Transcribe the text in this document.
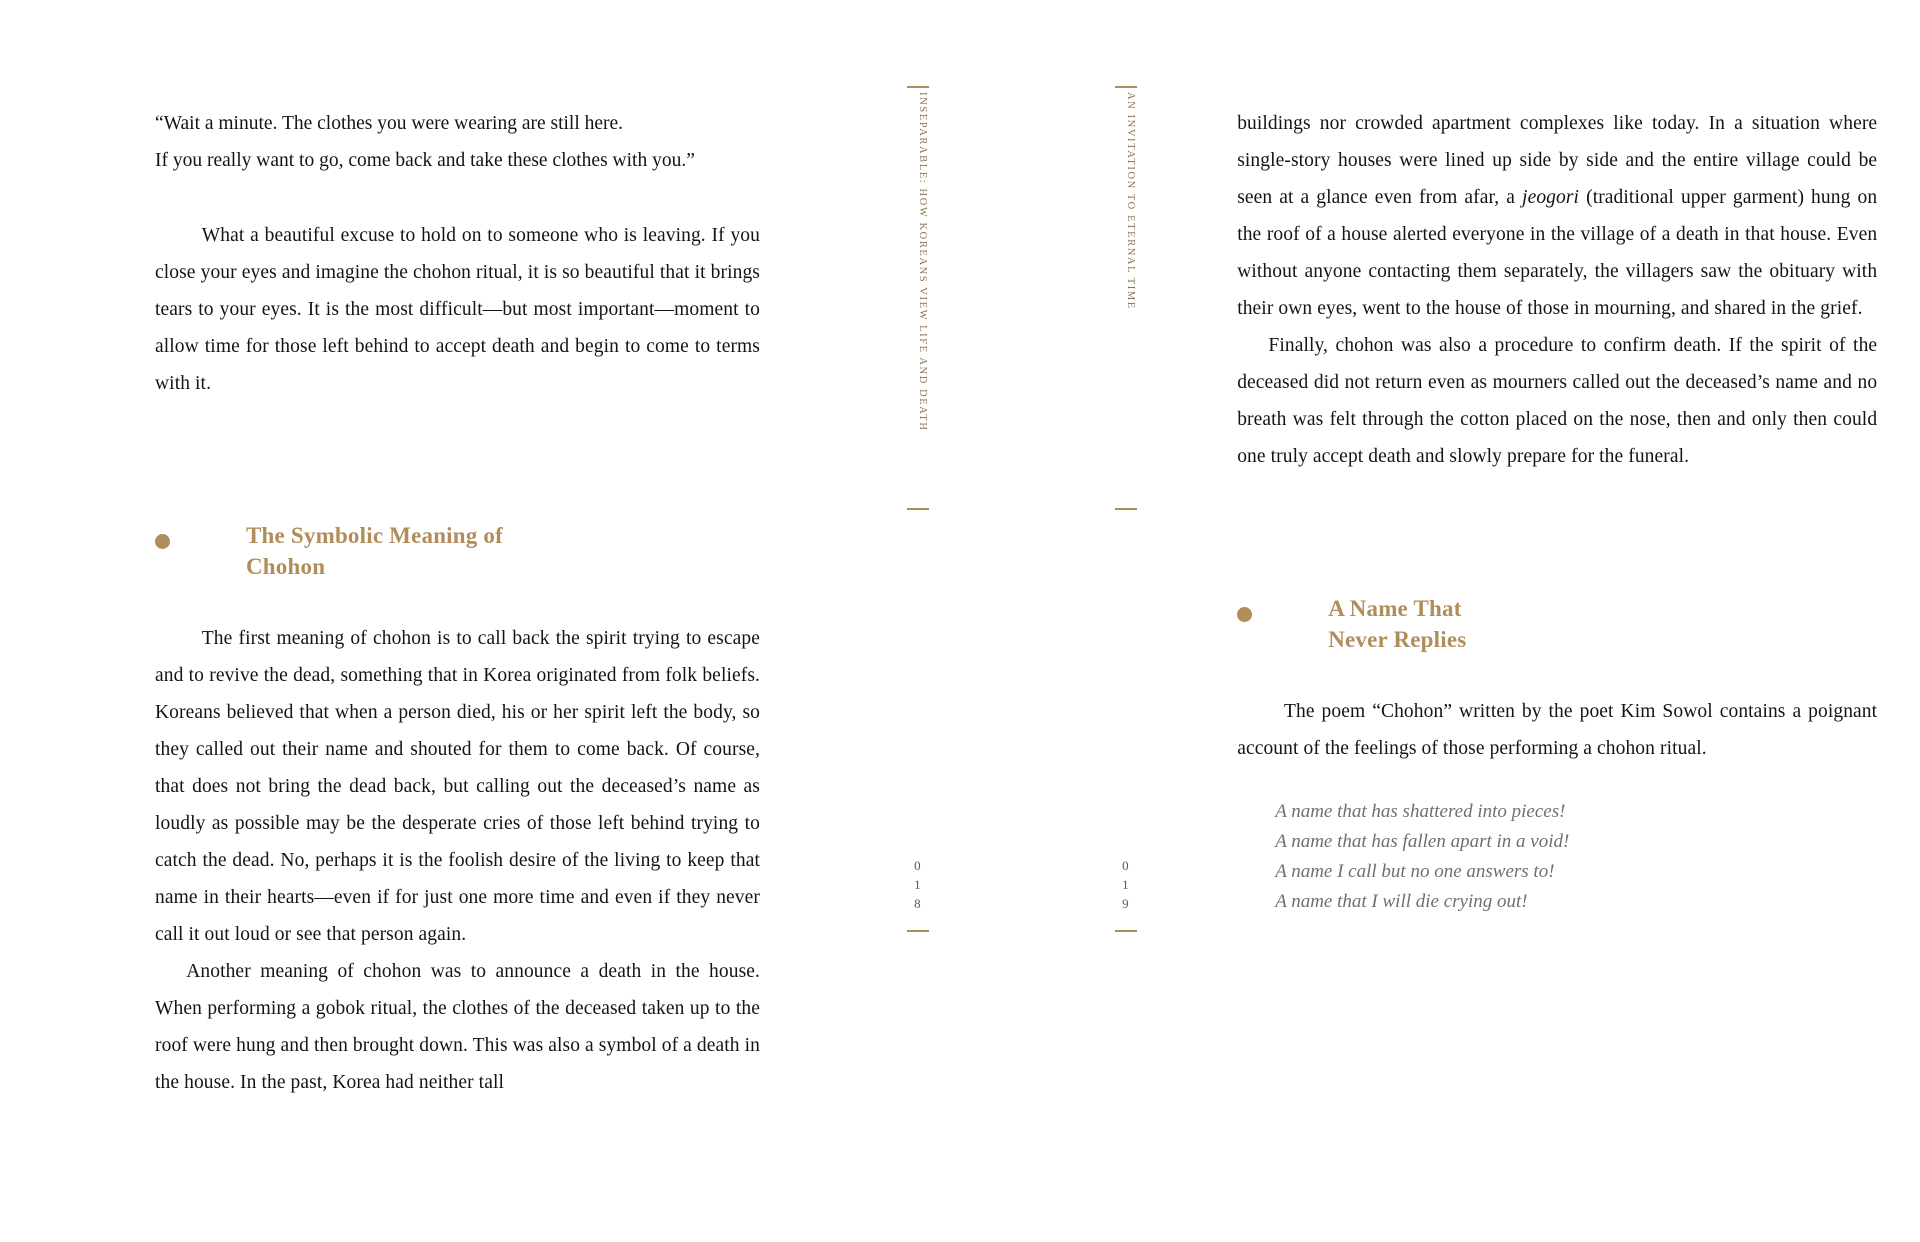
“Wait a minute. The clothes you were wearing are still here.

If you really want to go, come back and take these clothes with you.”

What a beautiful excuse to hold on to someone who is leaving. If you close your eyes and imagine the chohon ritual, it is so beautiful that it brings tears to your eyes. It is the most difficult—but most important—moment to allow time for those left behind to accept death and begin to come to terms with it.

The Symbolic Meaning of
Chohon

The first meaning of chohon is to call back the spirit trying to escape and to revive the dead, something that in Korea originated from folk beliefs. Koreans believed that when a person died, his or her spirit left the body, so they called out their name and shouted for them to come back. Of course, that does not bring the dead back, but calling out the deceased’s name as loudly as possible may be the desperate cries of those left behind trying to catch the dead. No, perhaps it is the foolish desire of the living to keep that name in their hearts—even if for just one more time and even if they never call it out loud or see that person again.

Another meaning of chohon was to announce a death in the house. When performing a gobok ritual, the clothes of the deceased taken up to the roof were hung and then brought down. This was also a symbol of a death in the house. In the past, Korea had neither tall

INSEPARABLE: HOW KOREANS VIEW LIFE AND DEATH	AN INVITATION TO ETERNAL TIME
0
1
8
0
1
9

buildings nor crowded apartment complexes like today. In a situation where single-story houses were lined up side by side and the entire village could be seen at a glance even from afar, a jeogori (traditional upper garment) hung on the roof of a house alerted everyone in the village of a death in that house. Even without anyone contacting them separately, the villagers saw the obituary with their own eyes, went to the house of those in mourning, and shared in the grief.

Finally, chohon was also a procedure to confirm death. If the spirit of the deceased did not return even as mourners called out the deceased’s name and no breath was felt through the cotton placed on the nose, then and only then could one truly accept death and slowly prepare for the funeral.

A Name That
Never Replies

The poem “Chohon” written by the poet Kim Sowol contains a poignant account of the feelings of those performing a chohon ritual.

A name that has shattered into pieces!
A name that has fallen apart in a void!
A name I call but no one answers to!
A name that I will die crying out!
